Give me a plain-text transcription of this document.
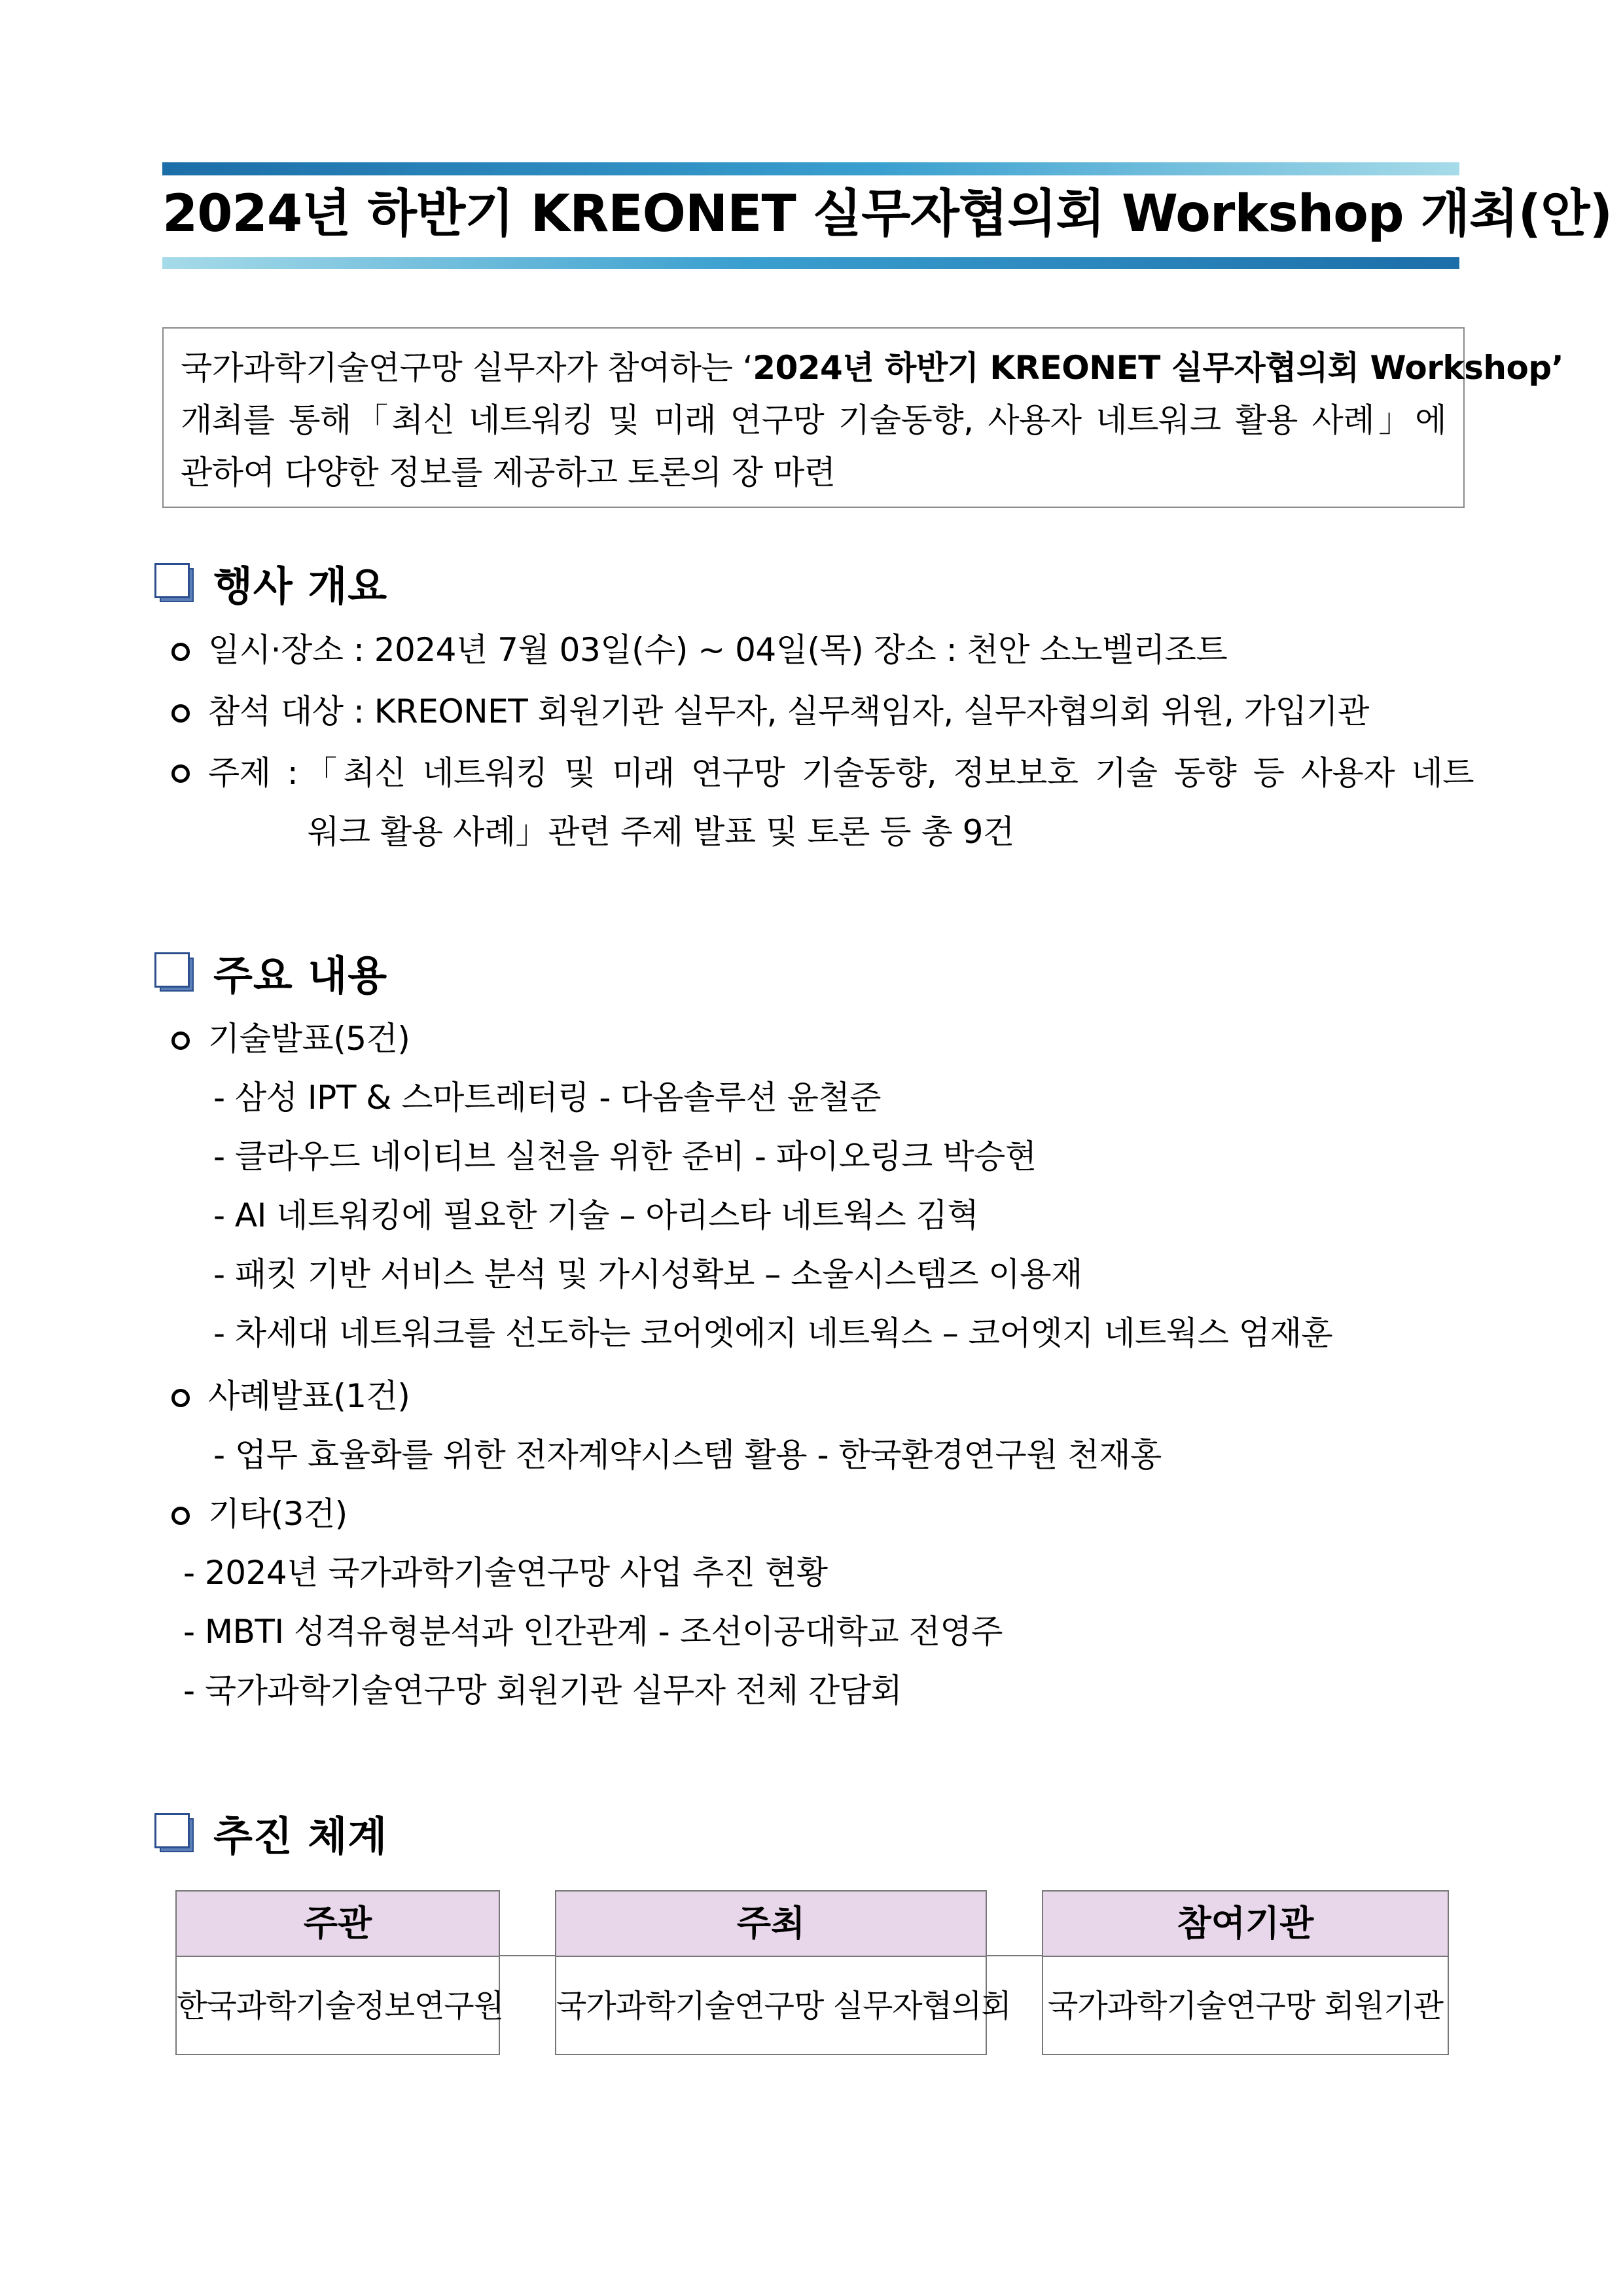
2024년 하반기 KREONET 실무자협의회 Workshop 개최(안)
국가과학기술연구망 실무자가 참여하는 ‘2024년 하반기 KREONET 실무자협의회 Workshop’
개최를 통해「최신 네트워킹 및 미래 연구망 기술동향, 사용자 네트워크 활용 사례」에
관하여 다양한 정보를 제공하고 토론의 장 마련
행사 개요
일시·장소 : 2024년 7월 03일(수) ~ 04일(목) 장소 : 천안 소노벨리조트
참석 대상 : KREONET 회원기관 실무자, 실무책임자, 실무자협의회 위원, 가입기관
주제 :「최신 네트워킹 및 미래 연구망 기술동향, 정보보호 기술 동향 등 사용자 네트
워크 활용 사례」관련 주제 발표 및 토론 등 총 9건
주요 내용
기술발표(5건)
- 삼성 IPT & 스마트레터링 - 다옴솔루션 윤철준
- 클라우드 네이티브 실천을 위한 준비 - 파이오링크 박승현
- AI 네트워킹에 필요한 기술 – 아리스타 네트웍스 김혁
- 패킷 기반 서비스 분석 및 가시성확보 – 소울시스템즈 이용재
- 차세대 네트워크를 선도하는 코어엣에지 네트웍스 – 코어엣지 네트웍스 엄재훈
사례발표(1건)
- 업무 효율화를 위한 전자계약시스템 활용 - 한국환경연구원 천재홍
기타(3건)
- 2024년 국가과학기술연구망 사업 추진 현황
- MBTI 성격유형분석과 인간관계 - 조선이공대학교 전영주
- 국가과학기술연구망 회원기관 실무자 전체 간담회
추진 체계
주관
한국과학기술정보연구원
주최
국가과학기술연구망 실무자협의회
참여기관
국가과학기술연구망 회원기관
